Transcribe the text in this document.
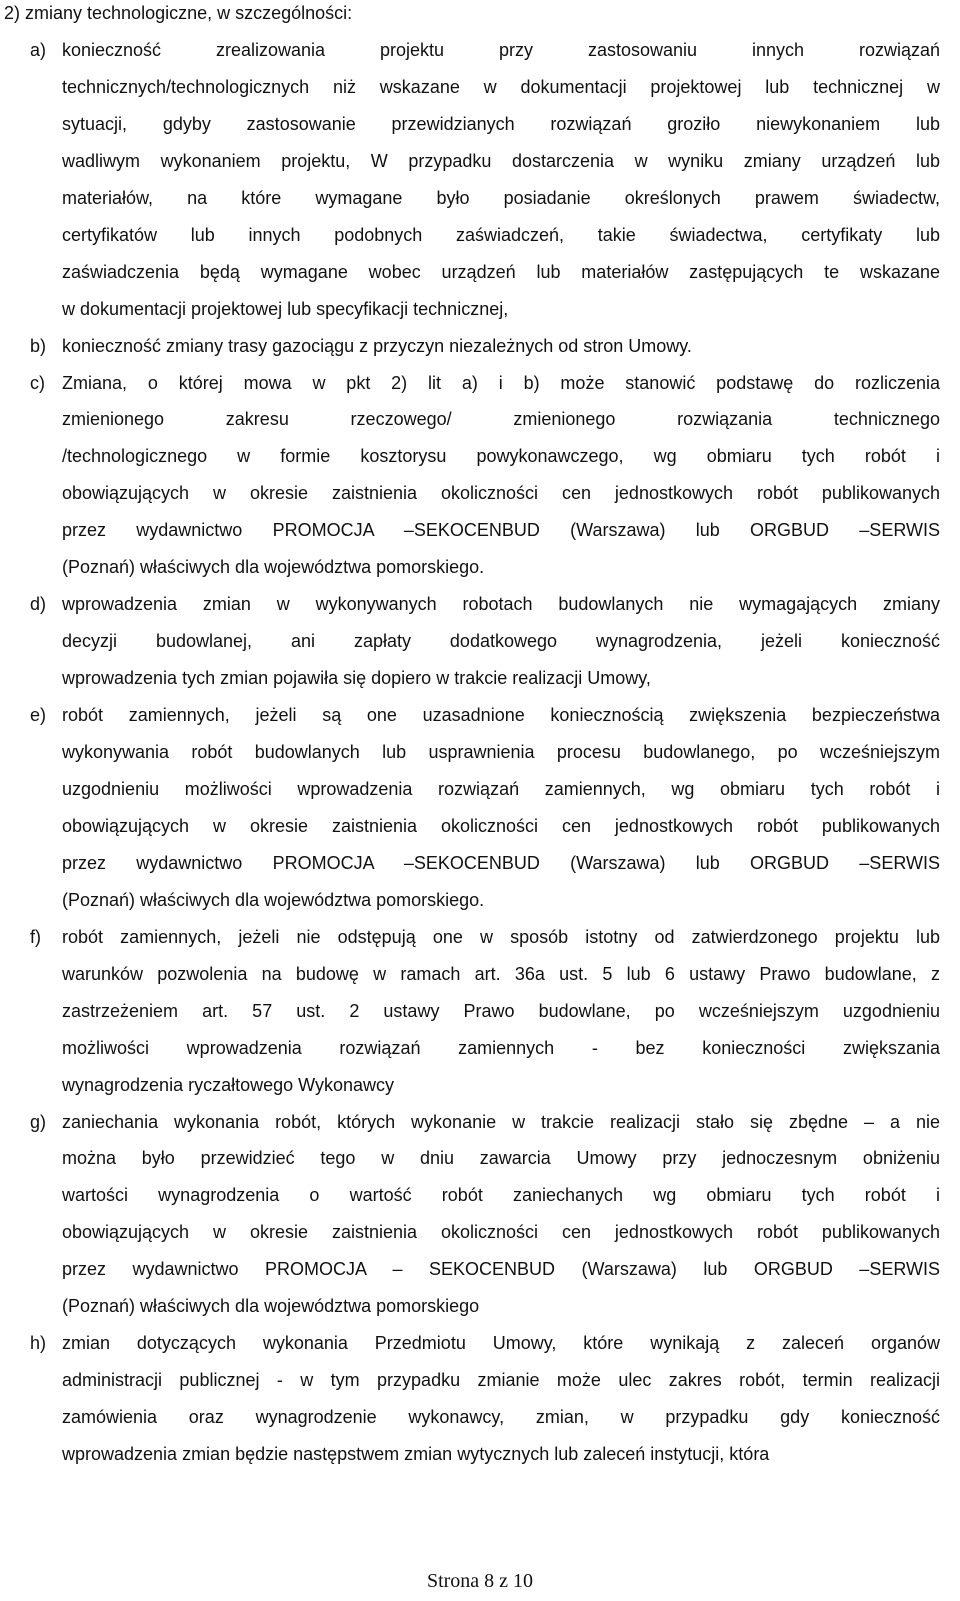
2) zmiany technologiczne, w szczególności:
a) konieczność zrealizowania projektu przy zastosowaniu innych rozwiązań
technicznych/technologicznych niż wskazane w dokumentacji projektowej lub technicznej w
sytuacji, gdyby zastosowanie przewidzianych rozwiązań groziło niewykonaniem lub
wadliwym wykonaniem projektu, W przypadku dostarczenia w wyniku zmiany urządzeń lub
materiałów, na które wymagane było posiadanie określonych prawem świadectw,
certyfikatów lub innych podobnych zaświadczeń, takie świadectwa, certyfikaty lub
zaświadczenia będą wymagane wobec urządzeń lub materiałów zastępujących te wskazane
w dokumentacji projektowej lub specyfikacji technicznej,
b) konieczność zmiany trasy gazociągu z przyczyn niezależnych od stron Umowy.
c) Zmiana, o której mowa w pkt 2) lit a) i b) może stanowić podstawę do rozliczenia
zmienionego zakresu rzeczowego/ zmienionego rozwiązania technicznego
/technologicznego w formie kosztorysu powykonawczego, wg obmiaru tych robót i
obowiązujących w okresie zaistnienia okoliczności cen jednostkowych robót publikowanych
przez wydawnictwo PROMOCJA –SEKOCENBUD (Warszawa) lub ORGBUD –SERWIS
(Poznań) właściwych dla województwa pomorskiego.
d) wprowadzenia zmian w wykonywanych robotach budowlanych nie wymagających zmiany
decyzji budowlanej, ani zapłaty dodatkowego wynagrodzenia, jeżeli konieczność
wprowadzenia tych zmian pojawiła się dopiero w trakcie realizacji Umowy,
e) robót zamiennych, jeżeli są one uzasadnione koniecznością zwiększenia bezpieczeństwa
wykonywania robót budowlanych lub usprawnienia procesu budowlanego, po wcześniejszym
uzgodnieniu możliwości wprowadzenia rozwiązań zamiennych, wg obmiaru tych robót i
obowiązujących w okresie zaistnienia okoliczności cen jednostkowych robót publikowanych
przez wydawnictwo PROMOCJA –SEKOCENBUD (Warszawa) lub ORGBUD –SERWIS
(Poznań) właściwych dla województwa pomorskiego.
f) robót zamiennych, jeżeli nie odstępują one w sposób istotny od zatwierdzonego projektu lub
warunków pozwolenia na budowę w ramach art. 36a ust. 5 lub 6 ustawy Prawo budowlane, z
zastrzeżeniem art. 57 ust. 2 ustawy Prawo budowlane, po wcześniejszym uzgodnieniu
możliwości wprowadzenia rozwiązań zamiennych - bez konieczności zwiększania
wynagrodzenia ryczałtowego Wykonawcy
g) zaniechania wykonania robót, których wykonanie w trakcie realizacji stało się zbędne – a nie
można było przewidzieć tego w dniu zawarcia Umowy przy jednoczesnym obniżeniu
wartości wynagrodzenia o wartość robót zaniechanych wg obmiaru tych robót i
obowiązujących w okresie zaistnienia okoliczności cen jednostkowych robót publikowanych
przez wydawnictwo PROMOCJA – SEKOCENBUD (Warszawa) lub ORGBUD –SERWIS
(Poznań) właściwych dla województwa pomorskiego
h) zmian dotyczących wykonania Przedmiotu Umowy, które wynikają z zaleceń organów
administracji publicznej - w tym przypadku zmianie może ulec zakres robót, termin realizacji
zamówienia oraz wynagrodzenie wykonawcy, zmian, w przypadku gdy konieczność
wprowadzenia zmian będzie następstwem zmian wytycznych lub zaleceń instytucji, która
Strona 8 z 10
